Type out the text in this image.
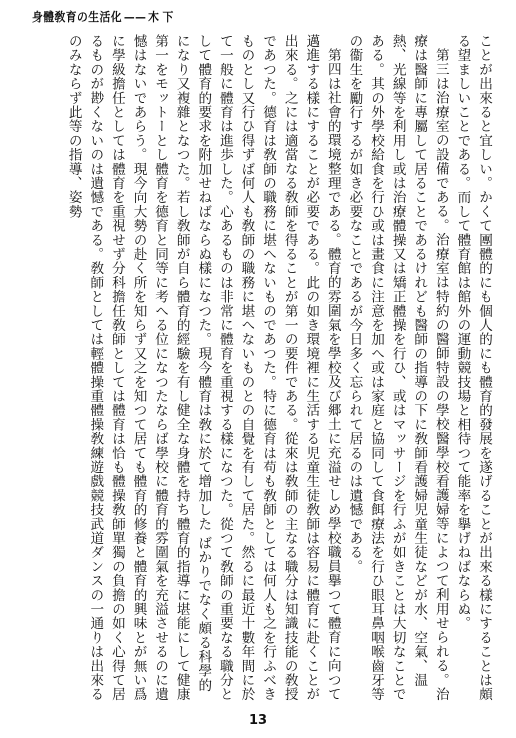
身體敎育の生活化 —— 木下

ことが出來ると宜しい。かくて團體的にも個人的にも體育的發展を遂げることが出來る樣にすることは頗る望ましいことである。而して體育館は館外の運動競技場と相待つて能率を擧げねばならぬ。

第三は治療室の設備である。治療室は特約の醫師特設の學校醫學校看護婦等によつて利用せられる。治療は醫師に專屬して居ることであるけれども醫師の指導の下に敎師看護婦児童生徒などが水、空氣、温熱、光線等を利用し或は治療體操又は矯正體操を行ひ、或はマッサージを行ふが如きことは大切なことである。其の外學校給食を行ひ或は畫食に注意を加へ或は家庭と協同して食餌療法を行ひ眼耳鼻咽喉齒牙等の衞生を勵行するが如き必要なことであるが今日多く忘られて居るのは遺憾である。

第四は社會的環境整理である。體育的雰圍氣を學校及び郷土に充溢せしめ學校職員擧つて體育に向つて邁進する樣にすることが必要である。此の如き環境裡に生活する児童生徒敎師は容易に體育に赴くことが出來る。之には適當なる敎師を得ることが第一の要件である。從來は敎師の主なる職分は知識技能の敎授であつた。德育は敎師の職務に堪へないものであつた。特に德育は苟も敎師としては何人も之を行ふべきものとし又行ひ得ずば何人も敎師の職務に堪へないものとの自覺を有して居た。然るに最近十數年間に於て一般に體育は進歩した。心あるものは非常に體育を重視する樣になつた。從つて敎師の重要なる職分として體育的要求を附加せねばならぬ樣になつた。現今體育は敎に於て增加した ばかりでなく頗る科學的になり又複雜となつた。若し敎師が自ら體育的經驗を有し健全な身體を持ち體育的指導に堪能にして健康第一をモットーとし體育を德育と同等に考へる位になつたならば學校に體育的雰圍氣を充溢させるのに遺憾はないであらう。現今向大勢の赴く所を知らず又之を知つて居ても體育的修養と體育的興味とが無い爲に學級擔任としては體育を重視せず分科擔任敎師としては體育は恰も體操敎師單獨の負擔の如く心得て居るものが尠くないのは遺憾である。敎師としては輕體操重體操敎練遊戲競技武道ダンスの一通りは出來るのみならず此等の指導、姿勢

13
